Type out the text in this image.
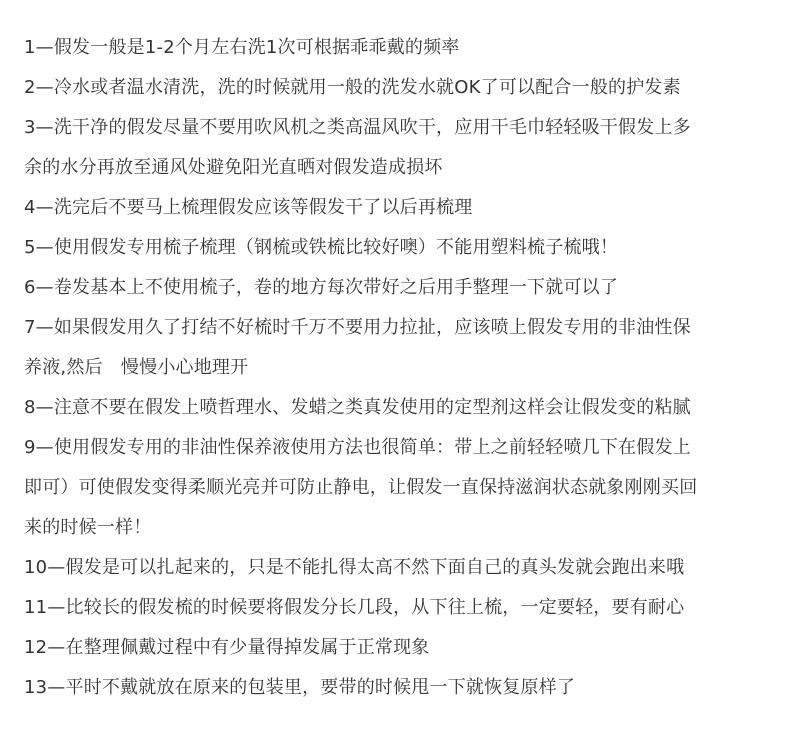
1—假发一般是1-2个月左右洗1次可根据乖乖戴的频率
2—冷水或者温水清洗，洗的时候就用一般的洗发水就OK了可以配合一般的护发素
3—洗干净的假发尽量不要用吹风机之类高温风吹干，应用干毛巾轻轻吸干假发上多
余的水分再放至通风处避免阳光直晒对假发造成损坏
4—洗完后不要马上梳理假发应该等假发干了以后再梳理
5—使用假发专用梳子梳理（钢梳或铁梳比较好噢）不能用塑料梳子梳哦！
6—卷发基本上不使用梳子，卷的地方每次带好之后用手整理一下就可以了
7—如果假发用久了打结不好梳时千万不要用力拉扯，应该喷上假发专用的非油性保
养液,然后　慢慢小心地理开
8—注意不要在假发上喷哲理水、发蜡之类真发使用的定型剂这样会让假发变的粘腻
9—使用假发专用的非油性保养液使用方法也很简单：带上之前轻轻喷几下在假发上
即可）可使假发变得柔顺光亮并可防止静电，让假发一直保持滋润状态就象刚刚买回
来的时候一样！
10—假发是可以扎起来的，只是不能扎得太高不然下面自己的真头发就会跑出来哦
11—比较长的假发梳的时候要将假发分长几段，从下往上梳，一定要轻，要有耐心
12—在整理佩戴过程中有少量得掉发属于正常现象
13—平时不戴就放在原来的包装里，要带的时候甩一下就恢复原样了
